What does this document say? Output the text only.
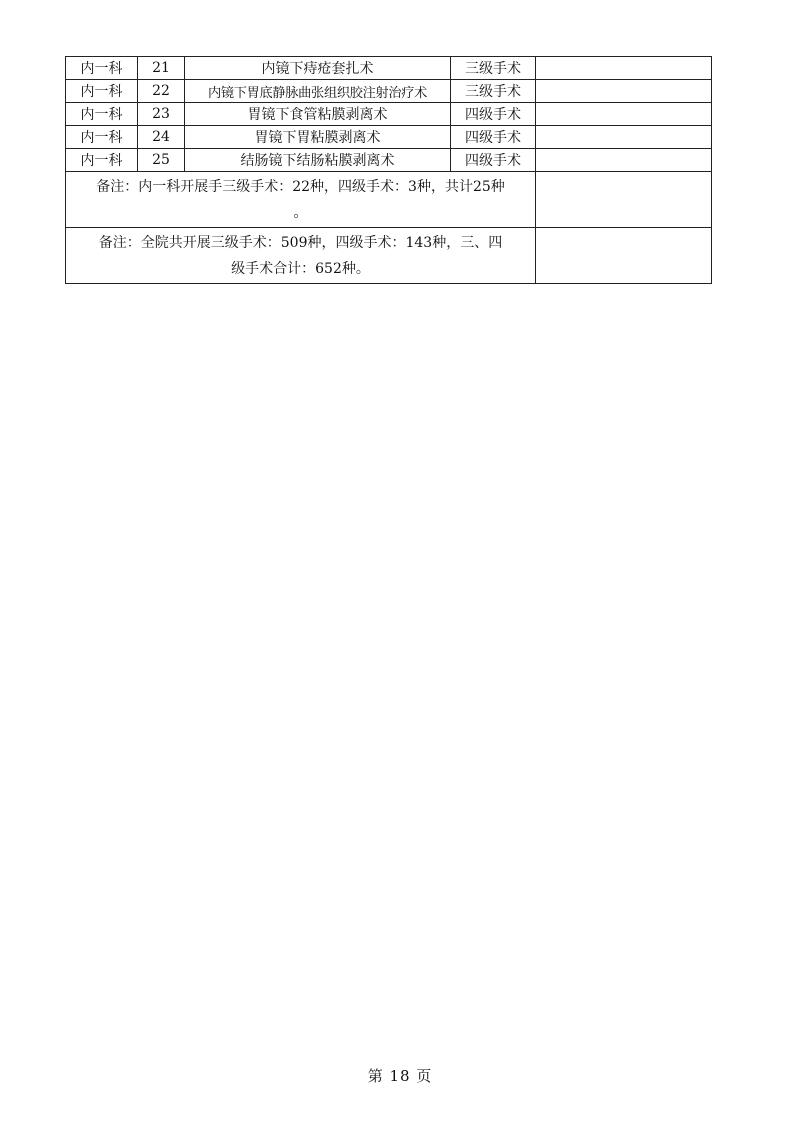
内一科	21	内镜下痔疮套扎术	三级手术	
内一科	22	内镜下胃底静脉曲张组织胶注射治疗术	三级手术	
内一科	23	胃镜下食管粘膜剥离术	四级手术	
内一科	24	胃镜下胃粘膜剥离术	四级手术	
内一科	25	结肠镜下结肠粘膜剥离术	四级手术	

备注：内一科开展手三级手术：22种，四级手术：3种，共计25种
。				

备注：全院共开展三级手术：509种，四级手术：143种，三、四
级手术合计：652种。				

第 18 页
